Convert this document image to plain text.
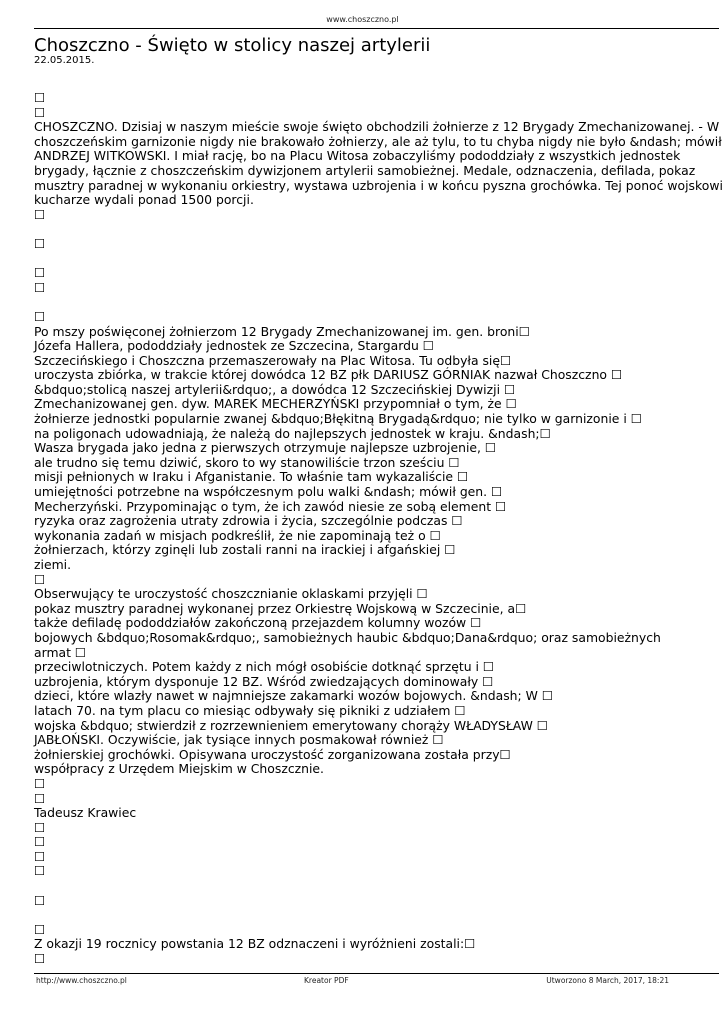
www.choszczno.pl
Choszczno - Święto w stolicy naszej artylerii
22.05.2015.
☐
☐
CHOSZCZNO. Dzisiaj w naszym mieście swoje święto obchodzili żołnierze z 12 Brygady Zmechanizowanej. - W choszczeńskim garnizonie nigdy nie brakowało żołnierzy, ale aż tylu, to tu chyba nigdy nie było &ndash; mówił ANDRZEJ WITKOWSKI. I miał rację, bo na Placu Witosa zobaczyliśmy pododdziały z wszystkich jednostek brygady, łącznie z choszczeńskim dywizjonem artylerii samobieżnej. Medale, odznaczenia, defilada, pokaz musztry paradnej w wykonaniu orkiestry, wystawa uzbrojenia i w końcu pyszna grochówka. Tej ponoć wojskowi kucharze wydali ponad 1500 porcji.
☐
☐
☐
☐
☐
Po mszy poświęconej żołnierzom 12 Brygady Zmechanizowanej im. gen. broni☐
Józefa Hallera, pododdziały jednostek ze Szczecina, Stargardu ☐
Szczecińskiego i Choszczna przemaszerowały na Plac Witosa. Tu odbyła się☐
uroczysta zbiórka, w trakcie której dowódca 12 BZ płk DARIUSZ GÓRNIAK nazwał Choszczno ☐
&bdquo;stolicą naszej artylerii&rdquo;, a dowódca 12 Szczecińskiej Dywizji ☐
Zmechanizowanej gen. dyw. MAREK MECHERZYŃSKI przypomniał o tym, że ☐
żołnierze jednostki popularnie zwanej &bdquo;Błękitną Brygadą&rdquo; nie tylko w garnizonie i ☐
na poligonach udowadniają, że należą do najlepszych jednostek w kraju. &ndash;☐
Wasza brygada jako jedna z pierwszych otrzymuje najlepsze uzbrojenie, ☐
ale trudno się temu dziwić, skoro to wy stanowiliście trzon sześciu ☐
misji pełnionych w Iraku i Afganistanie. To właśnie tam wykazaliście ☐
umiejętności potrzebne na współczesnym polu walki &ndash; mówił gen. ☐
Mecherzyński. Przypominając o tym, że ich zawód niesie ze sobą element ☐
ryzyka oraz zagrożenia utraty zdrowia i życia, szczególnie podczas ☐
wykonania zadań w misjach podkreślił, że nie zapominają też o ☐
żołnierzach, którzy zginęli lub zostali ranni na irackiej i afgańskiej ☐
ziemi.
☐
Obserwujący te uroczystość choszcznianie oklaskami przyjęli ☐
pokaz musztry paradnej wykonanej przez Orkiestrę Wojskową w Szczecinie, a☐
także defiladę pododdziałów zakończoną przejazdem kolumny wozów ☐
bojowych &bdquo;Rosomak&rdquo;, samobieżnych haubic &bdquo;Dana&rdquo; oraz samobieżnych
armat ☐
przeciwlotniczych. Potem każdy z nich mógł osobiście dotknąć sprzętu i ☐
uzbrojenia, którym dysponuje 12 BZ. Wśród zwiedzających dominowały ☐
dzieci, które wlazły nawet w najmniejsze zakamarki wozów bojowych. &ndash; W ☐
latach 70. na tym placu co miesiąc odbywały się pikniki z udziałem ☐
wojska &bdquo; stwierdził z rozrzewnieniem emerytowany chorąży WŁADYSŁAW ☐
JABŁOŃSKI. Oczywiście, jak tysiące innych posmakował również ☐
żołnierskiej grochówki. Opisywana uroczystość zorganizowana została przy☐
współpracy z Urzędem Miejskim w Choszcznie.
☐
☐
Tadeusz Krawiec
☐
☐
☐
☐
☐
☐
Z okazji 19 rocznicy powstania 12 BZ odznaczeni i wyróżnieni zostali:☐
☐
http://www.choszczno.pl	Kreator PDF	Utworzono 8 March, 2017, 18:21
